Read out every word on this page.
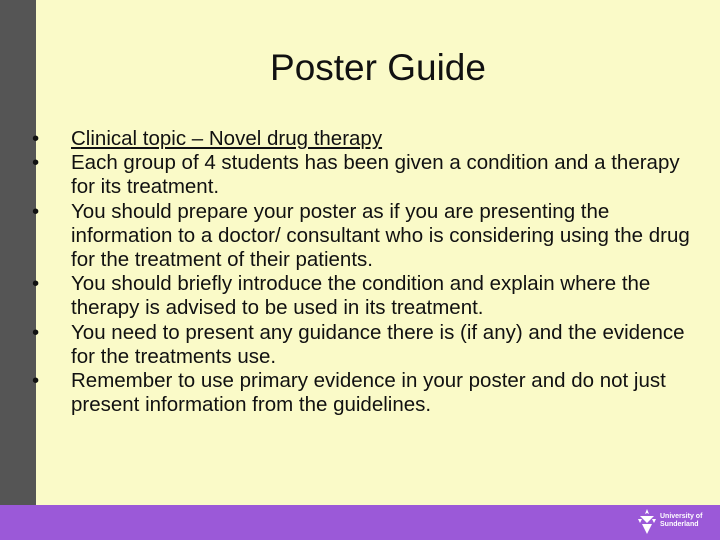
Poster Guide
• Clinical topic – Novel drug therapy
• Each group of 4 students has been given a condition and a therapy for its treatment.
• You should prepare your poster as if you are presenting the information to a doctor/ consultant who is considering using the drug for the treatment of their patients.
• You should briefly introduce the condition and explain where the therapy is advised to be used in its treatment.
• You need to present any guidance there is (if any) and the evidence for the treatments use.
• Remember to use primary evidence in your poster and do not just present information from the guidelines.
University of
Sunderland
